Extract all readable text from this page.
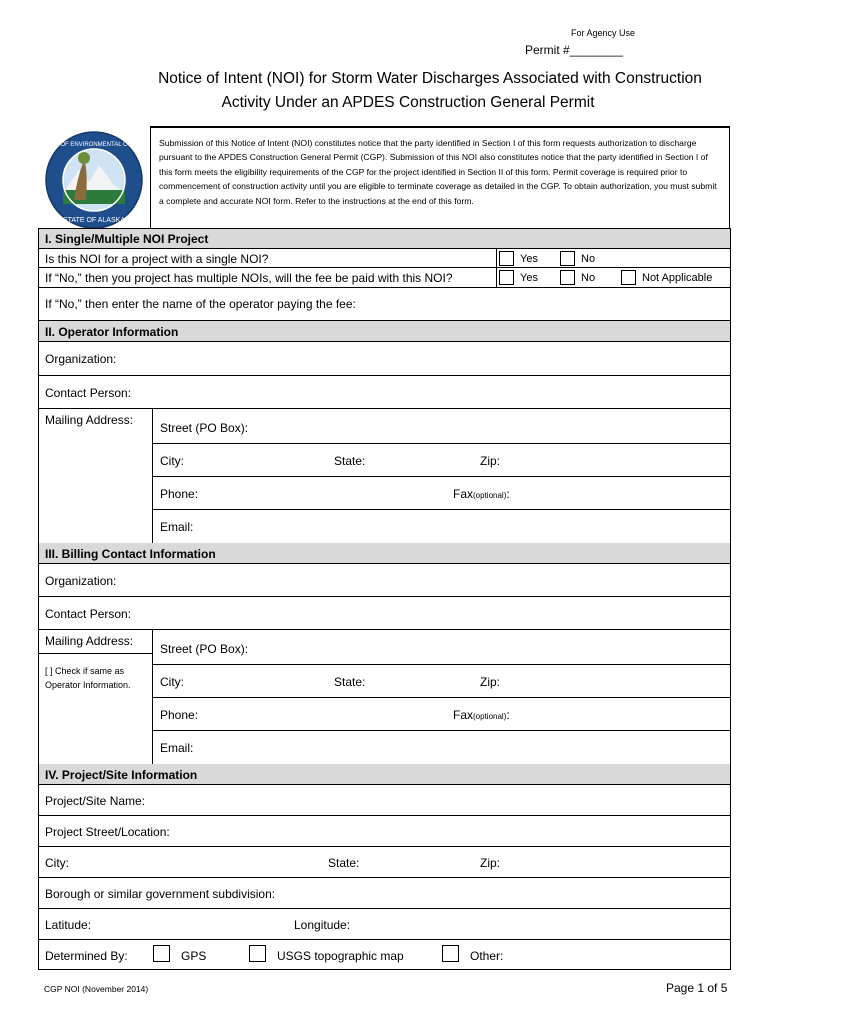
For Agency Use
Permit #________
Notice of Intent (NOI) for Storm Water Discharges Associated with Construction
Activity Under an APDES Construction General Permit
DEPARTMENT OF ENVIRONMENTAL CONSERVATION
STATE OF ALASKA
Submission of this Notice of Intent (NOI) constitutes notice that the party identified in Section I of this form requests authorization to discharge pursuant to the APDES Construction General Permit (CGP). Submission of this NOI also constitutes notice that the party identified in Section I of this form meets the eligibility requirements of the CGP for the project identified in Section II of this form. Permit coverage is required prior to commencement of construction activity until you are eligible to terminate coverage as detailed in the CGP. To obtain authorization, you must submit a complete and accurate NOI form. Refer to the instructions at the end of this form.
I. Single/Multiple NOI Project
Is this NOI for a project with a single NOI?	Yes	No
If “No,” then you project has multiple NOIs, will the fee be paid with this NOI?	Yes	No	Not Applicable
If “No,” then enter the name of the operator paying the fee:
II. Operator Information
Organization:
Contact Person:
Mailing Address:
Street (PO Box):
City:	State:	Zip:
Phone:	Fax(optional):
Email:
III. Billing Contact Information
Organization:
Contact Person:
Mailing Address:
[ ] Check if same as Operator Information.
Street (PO Box):
City:	State:	Zip:
Phone:	Fax(optional):
Email:
IV. Project/Site Information
Project/Site Name:
Project Street/Location:
City:	State:	Zip:
Borough or similar government subdivision:
Latitude:	Longitude:
Determined By:	GPS	USGS topographic map	Other:
CGP NOI (November 2014)	Page 1 of 5
